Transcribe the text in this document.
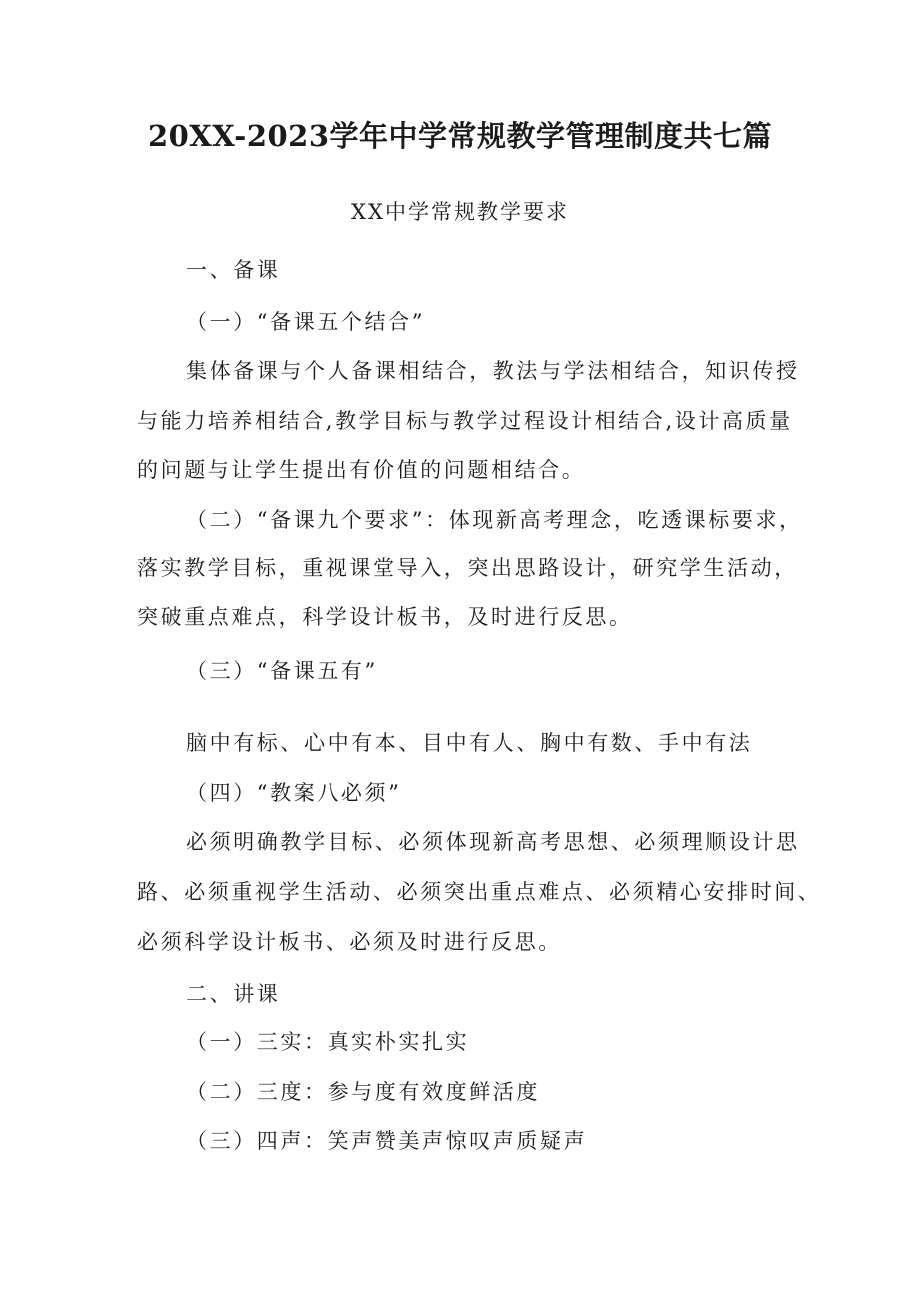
20XX-2023学年中学常规教学管理制度共七篇
XX中学常规教学要求
一、备课
（一）“备课五个结合”
集体备课与个人备课相结合，教法与学法相结合，知识传授
与能力培养相结合,教学目标与教学过程设计相结合,设计高质量
的问题与让学生提出有价值的问题相结合。
（二）“备课九个要求”：体现新高考理念，吃透课标要求，
落实教学目标，重视课堂导入，突出思路设计，研究学生活动，
突破重点难点，科学设计板书，及时进行反思。
（三）“备课五有”
脑中有标、心中有本、目中有人、胸中有数、手中有法
（四）“教案八必须”
必须明确教学目标、必须体现新高考思想、必须理顺设计思
路、必须重视学生活动、必须突出重点难点、必须精心安排时间、
必须科学设计板书、必须及时进行反思。
二、讲课
（一）三实：真实朴实扎实
（二）三度：参与度有效度鲜活度
（三）四声：笑声赞美声惊叹声质疑声
